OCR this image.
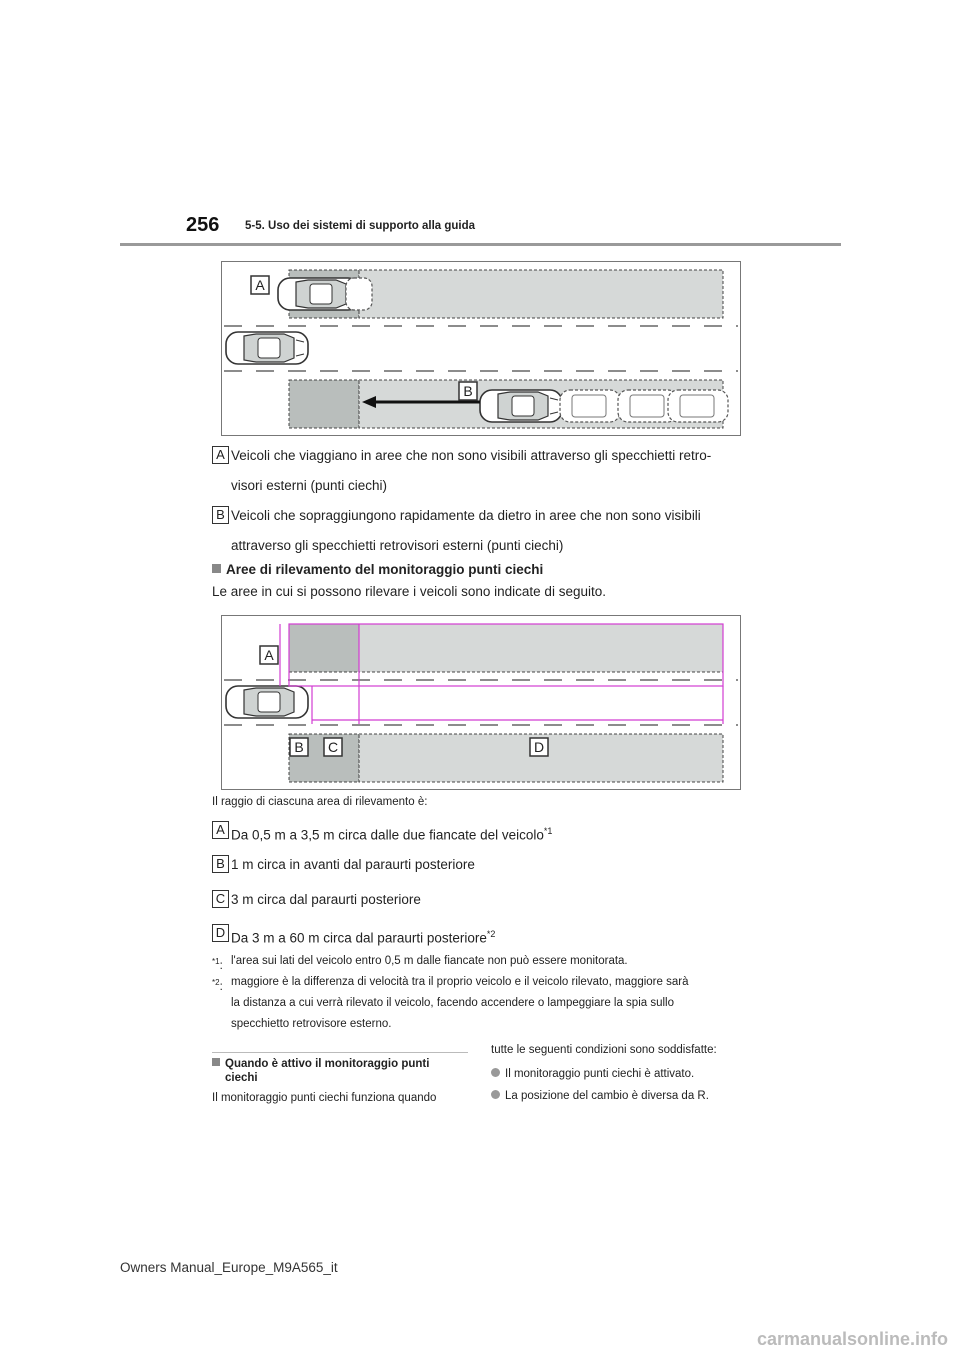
256 5-5. Uso dei sistemi di supporto alla guida
A
B
A Veicoli che viaggiano in aree che non sono visibili attraverso gli specchietti retro-
visori esterni (punti ciechi)
B Veicoli che sopraggiungono rapidamente da dietro in aree che non sono visibili
attraverso gli specchietti retrovisori esterni (punti ciechi)
Aree di rilevamento del monitoraggio punti ciechi
Le aree in cui si possono rilevare i veicoli sono indicate di seguito.
A
B C	D
Il raggio di ciascuna area di rilevamento è:
A Da 0,5 m a 3,5 m circa dalle due fiancate del veicolo$^{*1}$
B 1 m circa in avanti dal paraurti posteriore
C 3 m circa dal paraurti posteriore
D Da 3 m a 60 m circa dal paraurti posteriore$^{*2}$
$^{*1}$: l'area sui lati del veicolo entro 0,5 m dalle fiancate non può essere monitorata.
$^{*2}$: maggiore è la differenza di velocità tra il proprio veicolo e il veicolo rilevato, maggiore sarà
la distanza a cui verrà rilevato il veicolo, facendo accendere o lampeggiare la spia sullo
specchietto retrovisore esterno.
Quando è attivo il monitoraggio punti
ciechi
Il monitoraggio punti ciechi funziona quando
tutte le seguenti condizioni sono soddisfatte:
Il monitoraggio punti ciechi è attivato.
La posizione del cambio è diversa da R.
Owners Manual_Europe_M9A565_it
carmanualsonline.info
